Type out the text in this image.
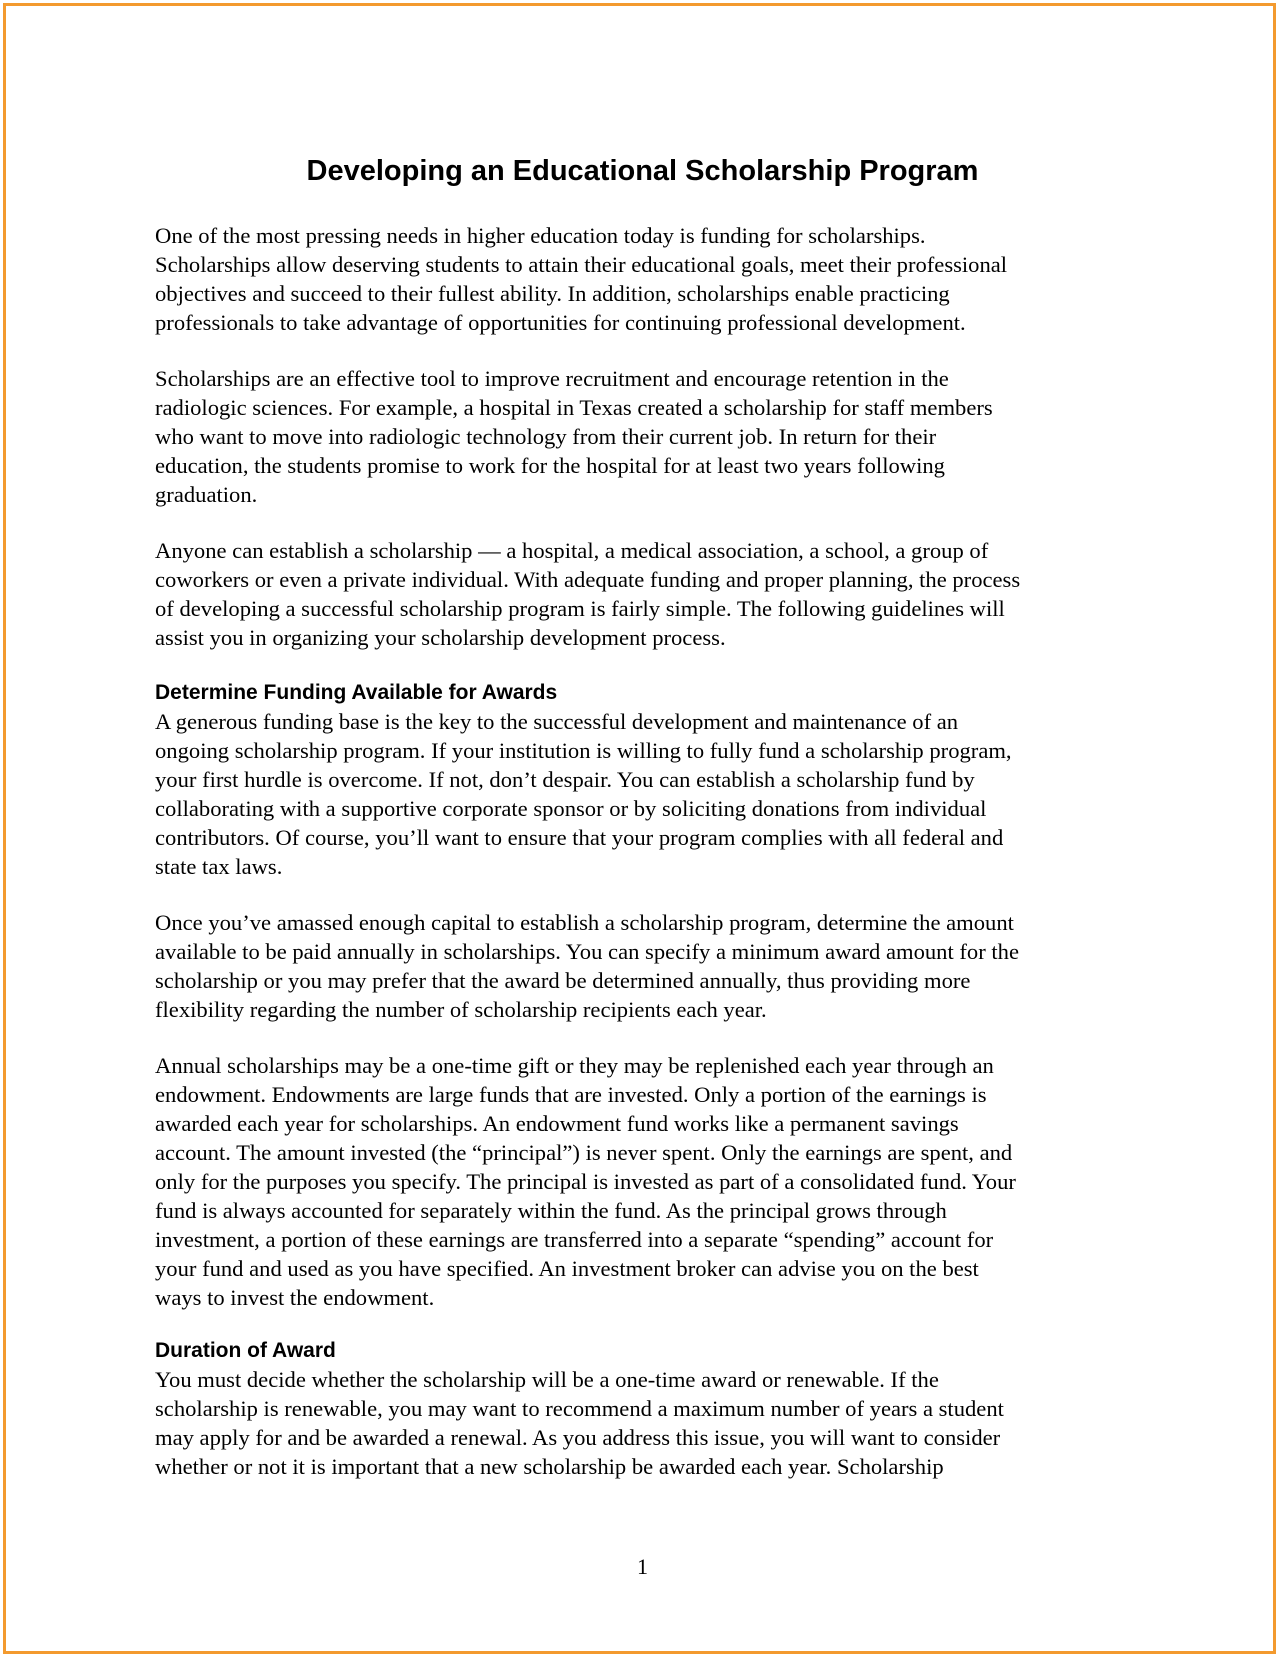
Developing an Educational Scholarship Program

One of the most pressing needs in higher education today is funding for scholarships.
Scholarships allow deserving students to attain their educational goals, meet their professional
objectives and succeed to their fullest ability. In addition, scholarships enable practicing
professionals to take advantage of opportunities for continuing professional development.

Scholarships are an effective tool to improve recruitment and encourage retention in the
radiologic sciences. For example, a hospital in Texas created a scholarship for staff members
who want to move into radiologic technology from their current job. In return for their
education, the students promise to work for the hospital for at least two years following
graduation.

Anyone can establish a scholarship — a hospital, a medical association, a school, a group of
coworkers or even a private individual. With adequate funding and proper planning, the process
of developing a successful scholarship program is fairly simple. The following guidelines will
assist you in organizing your scholarship development process.

Determine Funding Available for Awards

A generous funding base is the key to the successful development and maintenance of an
ongoing scholarship program. If your institution is willing to fully fund a scholarship program,
your first hurdle is overcome. If not, don’t despair. You can establish a scholarship fund by
collaborating with a supportive corporate sponsor or by soliciting donations from individual
contributors. Of course, you’ll want to ensure that your program complies with all federal and
state tax laws.

Once you’ve amassed enough capital to establish a scholarship program, determine the amount
available to be paid annually in scholarships. You can specify a minimum award amount for the
scholarship or you may prefer that the award be determined annually, thus providing more
flexibility regarding the number of scholarship recipients each year.

Annual scholarships may be a one-time gift or they may be replenished each year through an
endowment. Endowments are large funds that are invested. Only a portion of the earnings is
awarded each year for scholarships. An endowment fund works like a permanent savings
account. The amount invested (the “principal”) is never spent. Only the earnings are spent, and
only for the purposes you specify. The principal is invested as part of a consolidated fund. Your
fund is always accounted for separately within the fund. As the principal grows through
investment, a portion of these earnings are transferred into a separate “spending” account for
your fund and used as you have specified. An investment broker can advise you on the best
ways to invest the endowment.

Duration of Award

You must decide whether the scholarship will be a one-time award or renewable. If the
scholarship is renewable, you may want to recommend a maximum number of years a student
may apply for and be awarded a renewal. As you address this issue, you will want to consider
whether or not it is important that a new scholarship be awarded each year. Scholarship

1
